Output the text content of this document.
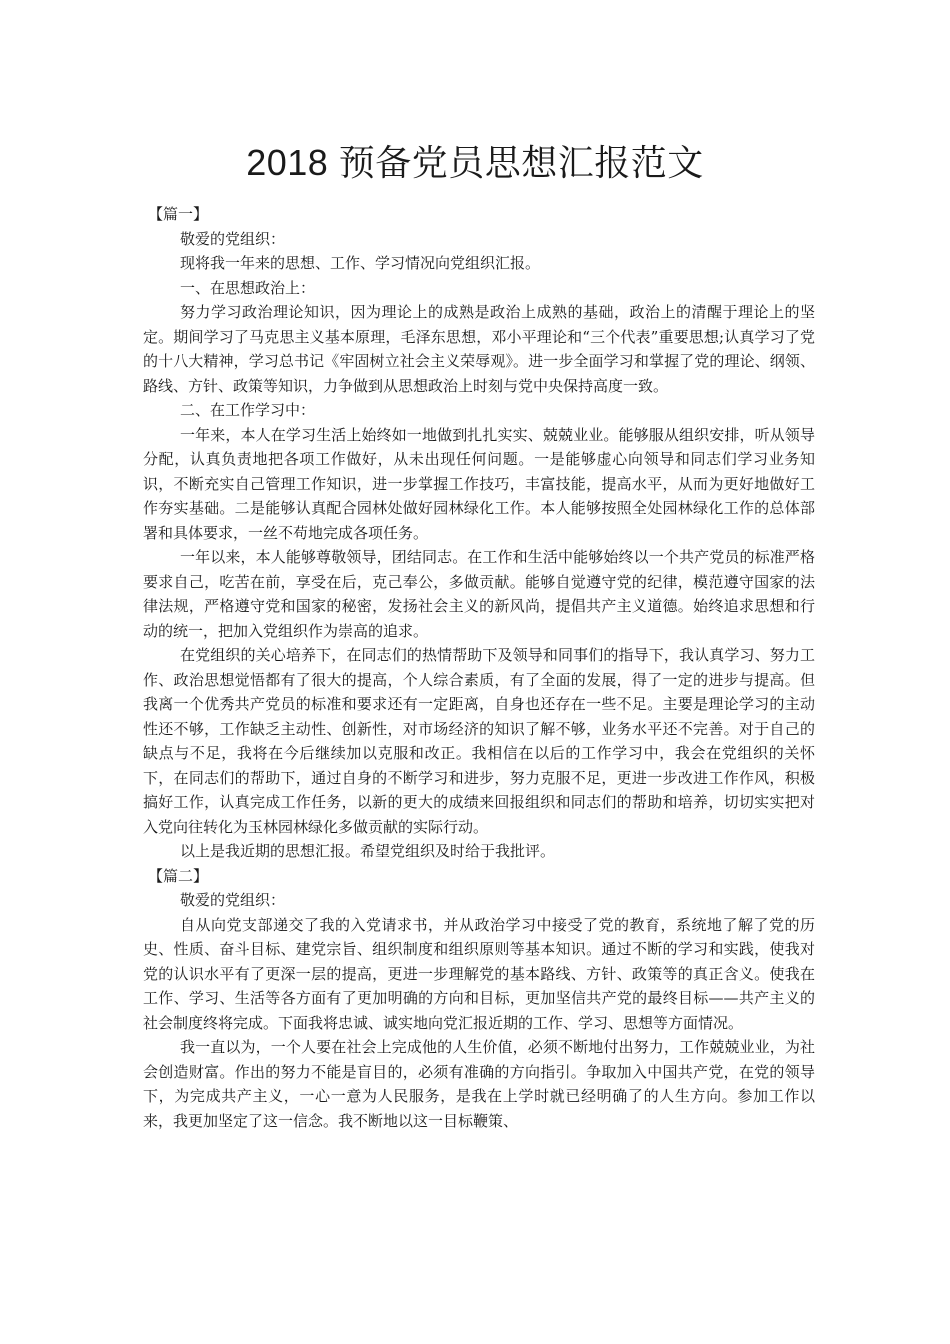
2018 预备党员思想汇报范文

【篇一】

敬爱的党组织：

现将我一年来的思想、工作、学习情况向党组织汇报。

一、在思想政治上：

努力学习政治理论知识，因为理论上的成熟是政治上成熟的基础，政治上的清醒于理论上的坚定。期间学习了马克思主义基本原理，毛泽东思想，邓小平理论和“三个代表”重要思想;认真学习了党的十八大精神，学习总书记《牢固树立社会主义荣辱观》。进一步全面学习和掌握了党的理论、纲领、路线、方针、政策等知识，力争做到从思想政治上时刻与党中央保持高度一致。

二、在工作学习中：

一年来，本人在学习生活上始终如一地做到扎扎实实、兢兢业业。能够服从组织安排，听从领导分配，认真负责地把各项工作做好，从未出现任何问题。一是能够虚心向领导和同志们学习业务知识，不断充实自己管理工作知识，进一步掌握工作技巧，丰富技能，提高水平，从而为更好地做好工作夯实基础。二是能够认真配合园林处做好园林绿化工作。本人能够按照全处园林绿化工作的总体部署和具体要求，一丝不苟地完成各项任务。

一年以来，本人能够尊敬领导，团结同志。在工作和生活中能够始终以一个共产党员的标准严格要求自己，吃苦在前，享受在后，克己奉公，多做贡献。能够自觉遵守党的纪律，模范遵守国家的法律法规，严格遵守党和国家的秘密，发扬社会主义的新风尚，提倡共产主义道德。始终追求思想和行动的统一，把加入党组织作为崇高的追求。

在党组织的关心培养下，在同志们的热情帮助下及领导和同事们的指导下，我认真学习、努力工作、政治思想觉悟都有了很大的提高，个人综合素质，有了全面的发展，得了一定的进步与提高。但我离一个优秀共产党员的标准和要求还有一定距离，自身也还存在一些不足。主要是理论学习的主动性还不够，工作缺乏主动性、创新性，对市场经济的知识了解不够，业务水平还不完善。对于自己的缺点与不足，我将在今后继续加以克服和改正。我相信在以后的工作学习中，我会在党组织的关怀下，在同志们的帮助下，通过自身的不断学习和进步，努力克服不足，更进一步改进工作作风，积极搞好工作，认真完成工作任务，以新的更大的成绩来回报组织和同志们的帮助和培养，切切实实把对入党向往转化为玉林园林绿化多做贡献的实际行动。

以上是我近期的思想汇报。希望党组织及时给于我批评。

【篇二】

敬爱的党组织：

自从向党支部递交了我的入党请求书，并从政治学习中接受了党的教育，系统地了解了党的历史、性质、奋斗目标、建党宗旨、组织制度和组织原则等基本知识。通过不断的学习和实践，使我对党的认识水平有了更深一层的提高，更进一步理解党的基本路线、方针、政策等的真正含义。使我在工作、学习、生活等各方面有了更加明确的方向和目标，更加坚信共产党的最终目标——共产主义的社会制度终将完成。下面我将忠诚、诚实地向党汇报近期的工作、学习、思想等方面情况。

我一直以为，一个人要在社会上完成他的人生价值，必须不断地付出努力，工作兢兢业业，为社会创造财富。作出的努力不能是盲目的，必须有准确的方向指引。争取加入中国共产党，在党的领导下，为完成共产主义，一心一意为人民服务，是我在上学时就已经明确了的人生方向。参加工作以来，我更加坚定了这一信念。我不断地以这一目标鞭策、
